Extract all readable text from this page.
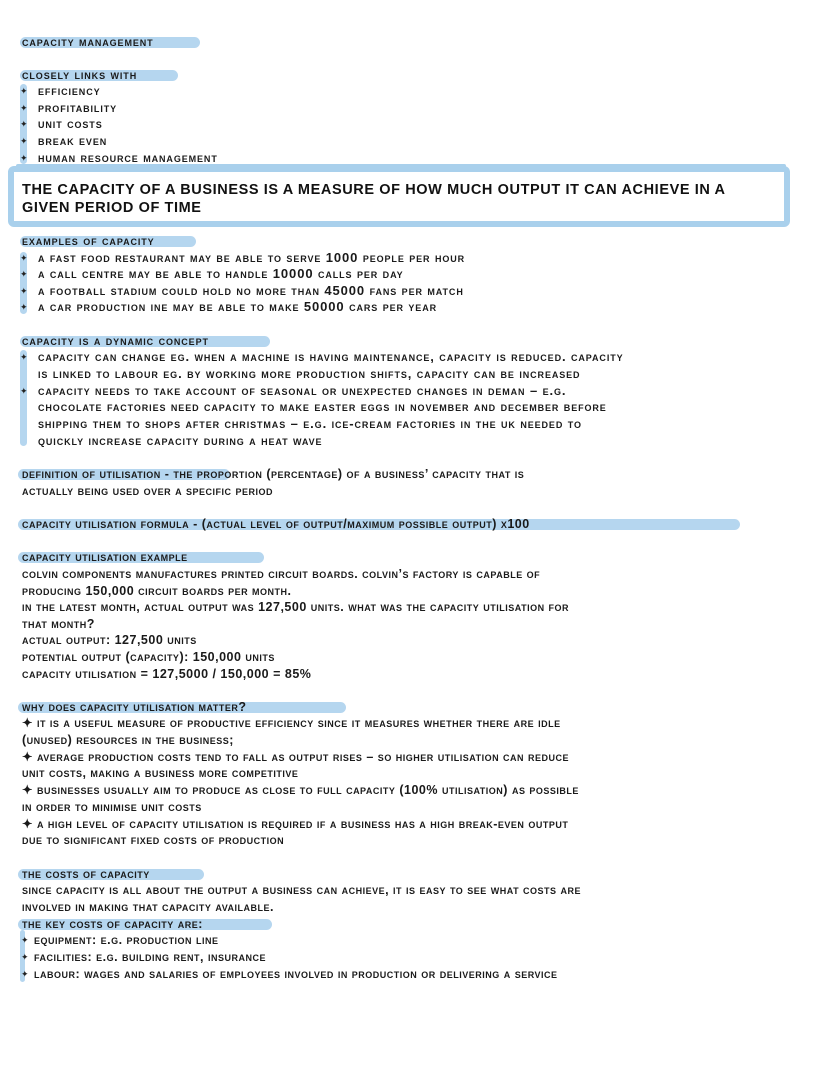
capacity management
closely links with
✦ efficiency
✦ profitability
✦ unit costs
✦ break even
✦ human resource management
THE CAPACITY OF A BUSINESS IS A MEASURE OF HOW MUCH OUTPUT IT CAN ACHIEVE IN A
GIVEN PERIOD OF TIME
examples of capacity
✦ a fast food restaurant may be able to serve 1000 people per hour
✦ a call centre may be able to handle 10000 calls per day
✦ a football stadium could hold no more than 45000 fans per match
✦ a car production ine may be able to make 50000 cars per year
capacity is a dynamic concept
✦ capacity can change eg. when a machine is having maintenance, capacity is reduced. capacity
is linked to labour eg. by working more production shifts, capacity can be increased
✦ capacity needs to take account of seasonal or unexpected changes in deman – e.g.
chocolate factories need capacity to make easter eggs in november and december before
shipping them to shops after christmas – e.g. ice-cream factories in the uk needed to
quickly increase capacity during a heat wave
definition of utilisation - the proportion (percentage) of a business’ capacity that is
actually being used over a specific period
capacity utilisation formula - (actual level of output/maximum possible output) x100
capacity utilisation example
colvin components manufactures printed circuit boards. colvin’s factory is capable of
producing 150,000 circuit boards per month.
in the latest month, actual output was 127,500 units. what was the capacity utilisation for
that month?
actual output: 127,500 units
potential output (capacity): 150,000 units
capacity utilisation = 127,5000 / 150,000 = 85%
why does capacity utilisation matter?
✦ it is a useful measure of productive efficiency since it measures whether there are idle
(unused) resources in the business;
✦ average production costs tend to fall as output rises – so higher utilisation can reduce
unit costs, making a business more competitive
✦ businesses usually aim to produce as close to full capacity (100% utilisation) as possible
in order to minimise unit costs
✦ a high level of capacity utilisation is required if a business has a high break-even output
due to significant fixed costs of production
the costs of capacity
since capacity is all about the output a business can achieve, it is easy to see what costs are
involved in making that capacity available.
the key costs of capacity are:
✦ equipment: e.g. production line
✦ facilities: e.g. building rent, insurance
✦ labour: wages and salaries of employees involved in production or delivering a service
